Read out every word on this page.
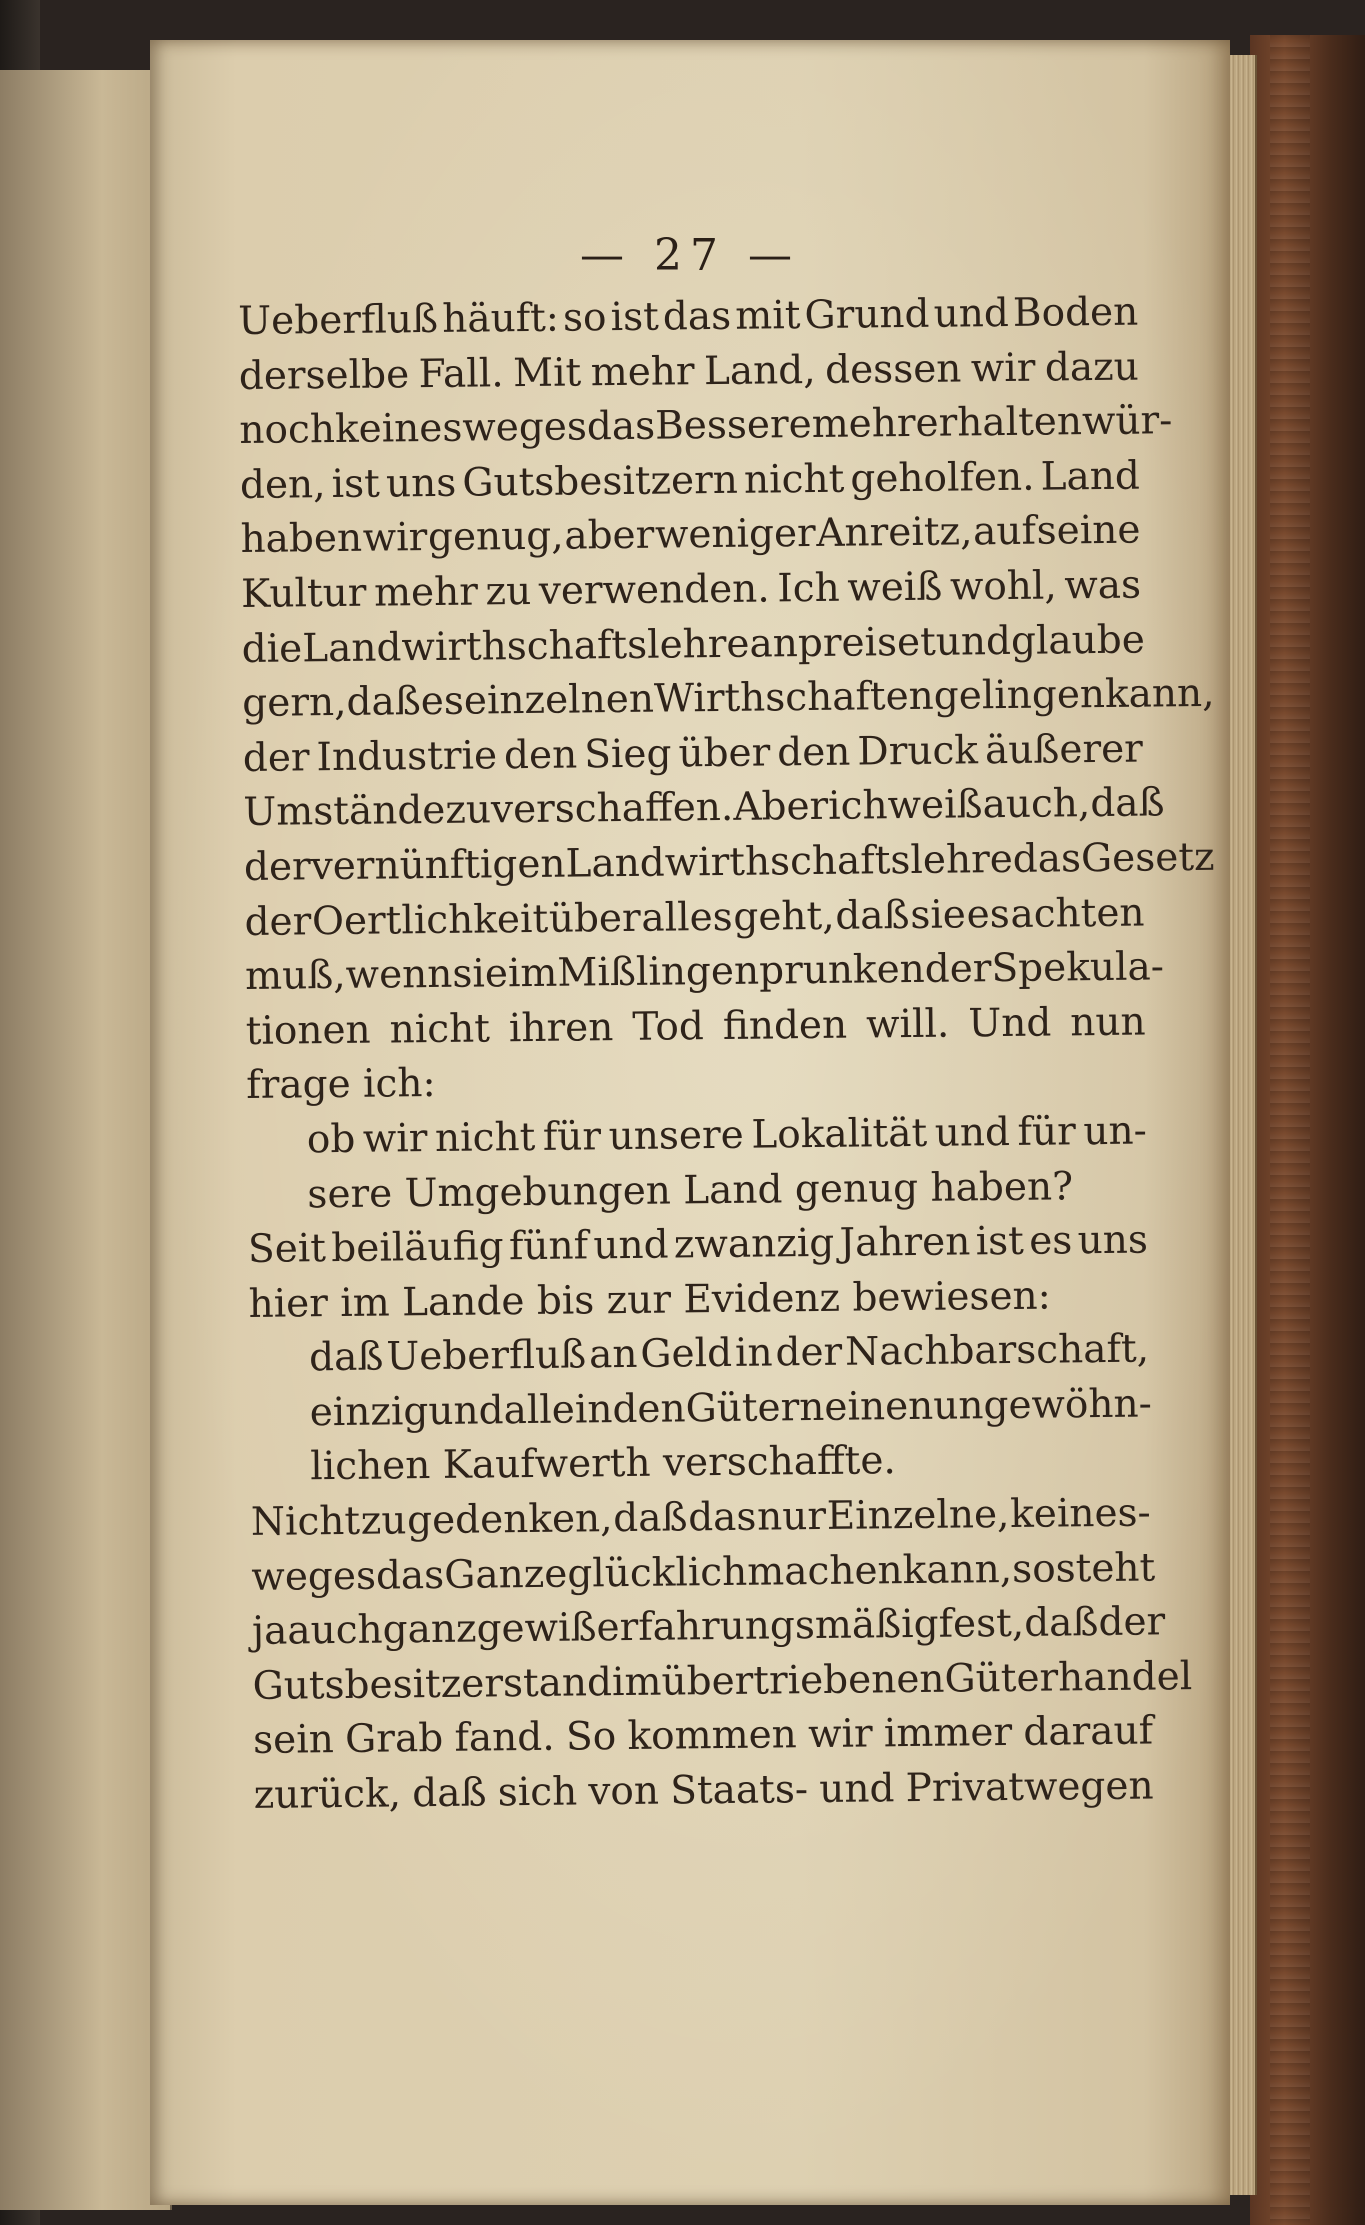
— 27 —
Ueberfluß häuft: so ist das mit Grund und Boden
derselbe Fall. Mit mehr Land, dessen wir dazu
noch keinesweges das Bessere mehr erhalten wür-
den, ist uns Gutsbesitzern nicht geholfen. Land
haben wir genug, aber weniger Anreitz, auf seine
Kultur mehr zu verwenden. Ich weiß wohl, was
die Landwirthschaftslehre anpreiset und glaube
gern, daß es einzelnen Wirthschaften gelingen kann,
der Industrie den Sieg über den Druck äußerer
Umstände zu verschaffen. Aber ich weiß auch, daß
der vernünftigen Landwirthschaftslehre das Gesetz
der Oertlichkeit über alles geht, daß sie es achten
muß, wenn sie im Mißlingen prunkender Spekula-
tionen nicht ihren Tod finden will. Und nun
frage ich:
ob wir nicht für unsere Lokalität und für un-
sere Umgebungen Land genug haben?
Seit beiläufig fünf und zwanzig Jahren ist es uns
hier im Lande bis zur Evidenz bewiesen:
daß Ueberfluß an Geld in der Nachbarschaft,
einzig und allein den Gütern einen ungewöhn-
lichen Kaufwerth verschaffte.
Nicht zu gedenken, daß das nur Einzelne, keines-
weges das Ganze glücklich machen kann, so steht
ja auch ganz gewiß erfahrungsmäßig fest, daß der
Gutsbesitzerstand im übertriebenen Güterhandel
sein Grab fand. So kommen wir immer darauf
zurück, daß sich von Staats- und Privatwegen
